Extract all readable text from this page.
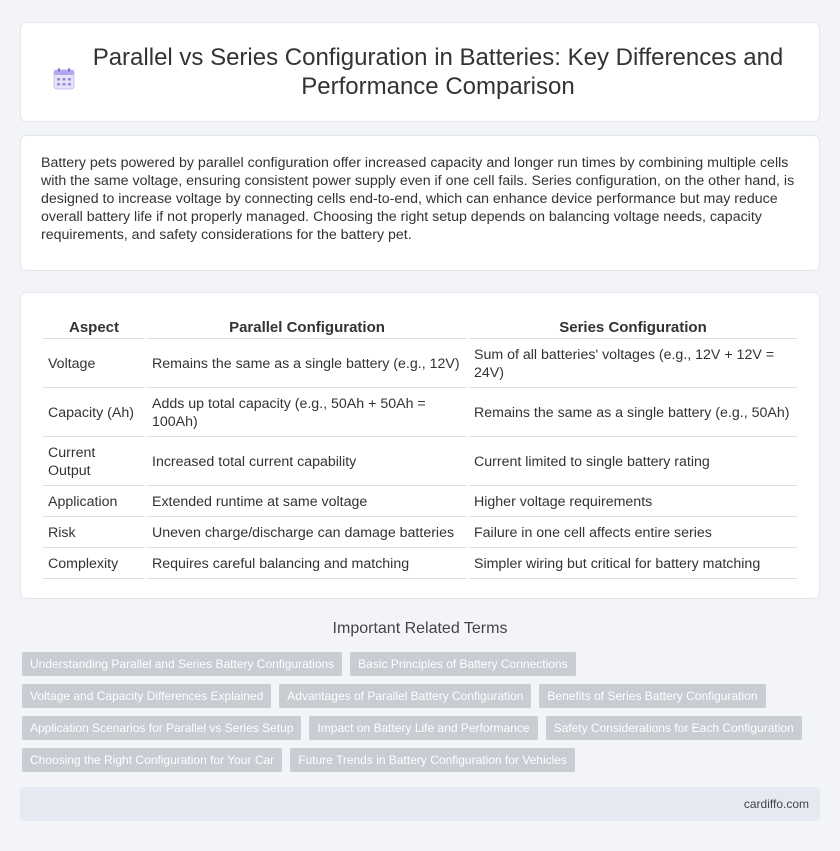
Parallel vs Series Configuration in Batteries: Key Differences and Performance Comparison

Battery pets powered by parallel configuration offer increased capacity and longer run times by combining multiple cells with the same voltage, ensuring consistent power supply even if one cell fails. Series configuration, on the other hand, is designed to increase voltage by connecting cells end-to-end, which can enhance device performance but may reduce overall battery life if not properly managed. Choosing the right setup depends on balancing voltage needs, capacity requirements, and safety considerations for the battery pet.

Aspect	Parallel Configuration	Series Configuration
Voltage	Remains the same as a single battery (e.g., 12V)	Sum of all batteries' voltages (e.g., 12V + 12V = 24V)
Capacity (Ah)	Adds up total capacity (e.g., 50Ah + 50Ah = 100Ah)	Remains the same as a single battery (e.g., 50Ah)
Current Output	Increased total current capability	Current limited to single battery rating
Application	Extended runtime at same voltage	Higher voltage requirements
Risk	Uneven charge/discharge can damage batteries	Failure in one cell affects entire series
Complexity	Requires careful balancing and matching	Simpler wiring but critical for battery matching
Important Related Terms
Understanding Parallel and Series Battery Configurations	Basic Principles of Battery Connections
Voltage and Capacity Differences Explained	Advantages of Parallel Battery Configuration	Benefits of Series Battery Configuration
Application Scenarios for Parallel vs Series Setup	Impact on Battery Life and Performance	Safety Considerations for Each Configuration
Choosing the Right Configuration for Your Car	Future Trends in Battery Configuration for Vehicles
cardiffo.com
